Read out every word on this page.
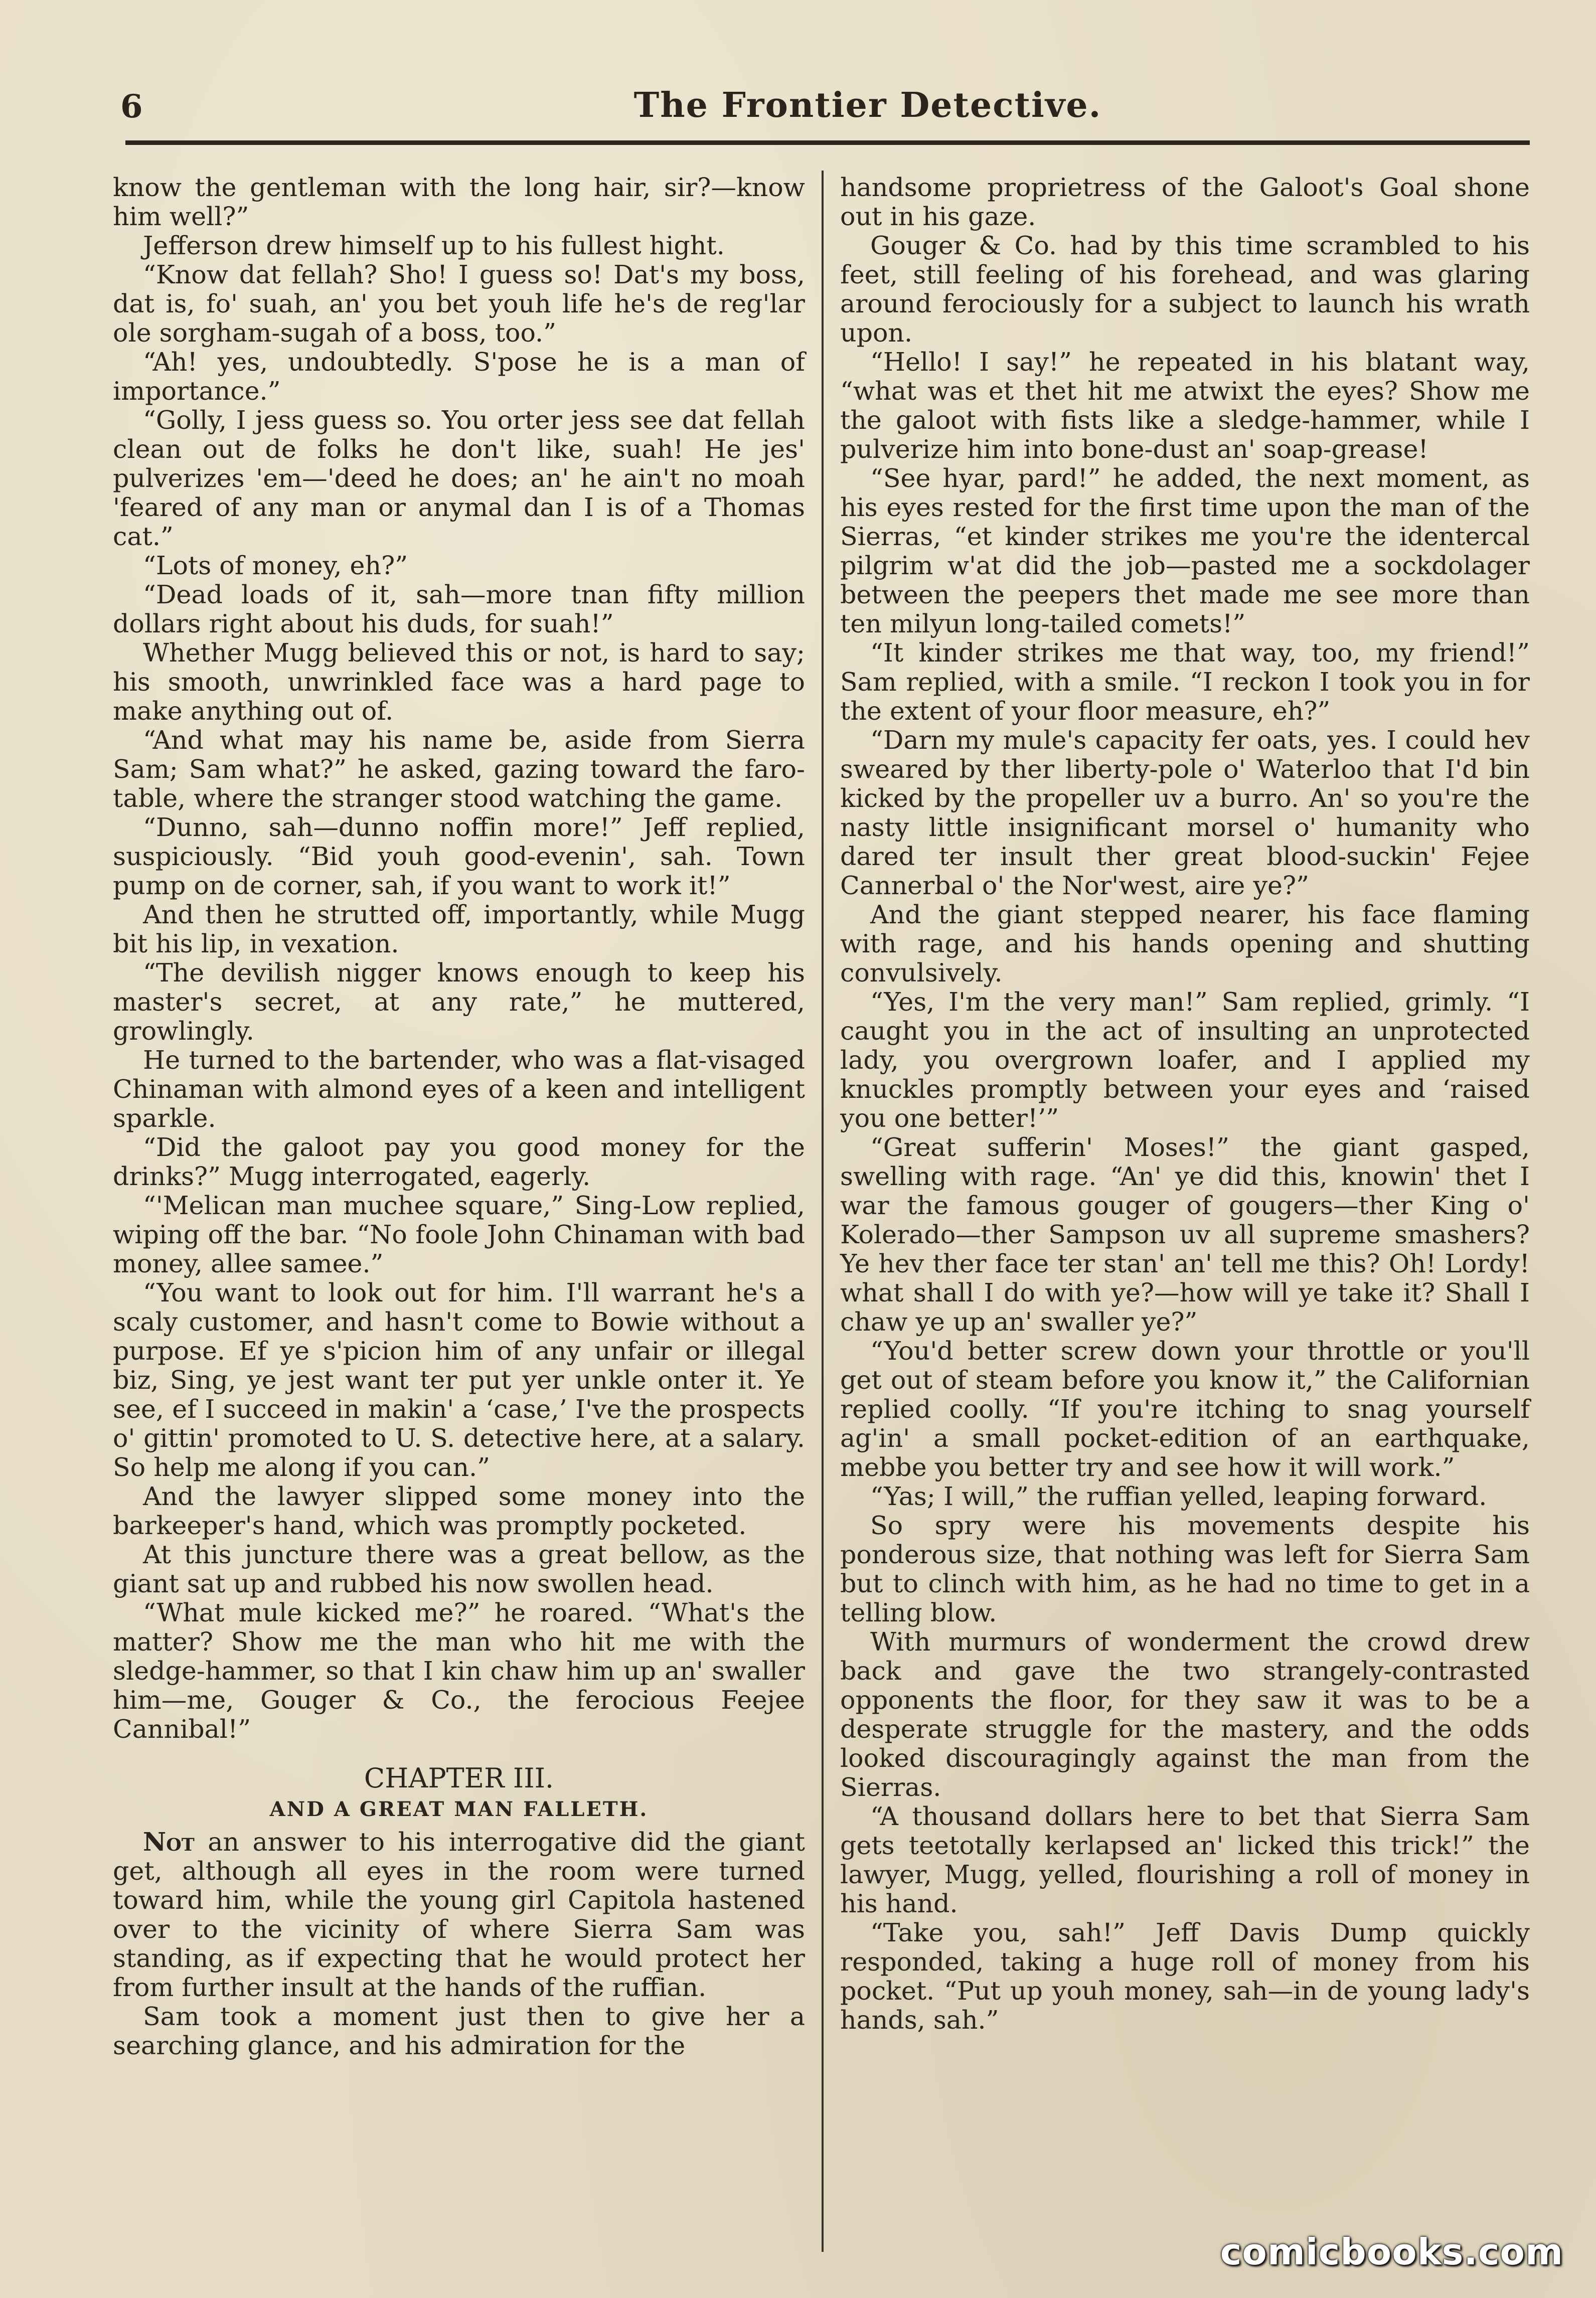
6	The Frontier Detective.

know the gentleman with the long hair, sir?—know him well?”

Jefferson drew himself up to his fullest hight.

“Know dat fellah? Sho! I guess so! Dat's my boss, dat is, fo' suah, an' you bet youh life he's de reg'lar ole sorgham-sugah of a boss, too.”

“Ah! yes, undoubtedly. S'pose he is a man of importance.”

“Golly, I jess guess so. You orter jess see dat fellah clean out de folks he don't like, suah! He jes' pulverizes 'em—'deed he does; an' he ain't no moah 'feared of any man or anymal dan I is of a Thomas cat.”

“Lots of money, eh?”

“Dead loads of it, sah—more tnan fifty million dollars right about his duds, for suah!”

Whether Mugg believed this or not, is hard to say; his smooth, unwrinkled face was a hard page to make anything out of.

“And what may his name be, aside from Sierra Sam; Sam what?” he asked, gazing toward the faro-table, where the stranger stood watching the game.

“Dunno, sah—dunno noffin more!” Jeff replied, suspiciously. “Bid youh good-evenin', sah. Town pump on de corner, sah, if you want to work it!”

And then he strutted off, importantly, while Mugg bit his lip, in vexation.

“The devilish nigger knows enough to keep his master's secret, at any rate,” he muttered, growlingly.

He turned to the bartender, who was a flat-visaged Chinaman with almond eyes of a keen and intelligent sparkle.

“Did the galoot pay you good money for the drinks?” Mugg interrogated, eagerly.

“'Melican man muchee square,” Sing-Low replied, wiping off the bar. “No foole John Chinaman with bad money, allee samee.”

“You want to look out for him. I'll warrant he's a scaly customer, and hasn't come to Bowie without a purpose. Ef ye s'picion him of any unfair or illegal biz, Sing, ye jest want ter put yer unkle onter it. Ye see, ef I succeed in makin' a ‘case,’ I've the prospects o' gittin' promoted to U. S. detective here, at a salary. So help me along if you can.”

And the lawyer slipped some money into the barkeeper's hand, which was promptly pocketed.

At this juncture there was a great bellow, as the giant sat up and rubbed his now swollen head.

“What mule kicked me?” he roared. “What's the matter? Show me the man who hit me with the sledge-hammer, so that I kin chaw him up an' swaller him—me, Gouger & Co., the ferocious Feejee Cannibal!”

CHAPTER III.
AND A GREAT MAN FALLETH.

Not an answer to his interrogative did the giant get, although all eyes in the room were turned toward him, while the young girl Capitola hastened over to the vicinity of where Sierra Sam was standing, as if expecting that he would protect her from further insult at the hands of the ruffian.

Sam took a moment just then to give her a searching glance, and his admiration for the

handsome proprietress of the Galoot's Goal shone out in his gaze.

Gouger & Co. had by this time scrambled to his feet, still feeling of his forehead, and was glaring around ferociously for a subject to launch his wrath upon.

“Hello! I say!” he repeated in his blatant way, “what was et thet hit me atwixt the eyes? Show me the galoot with fists like a sledge-hammer, while I pulverize him into bone-dust an' soap-grease!

“See hyar, pard!” he added, the next moment, as his eyes rested for the first time upon the man of the Sierras, “et kinder strikes me you're the identercal pilgrim w'at did the job—pasted me a sockdolager between the peepers thet made me see more than ten milyun long-tailed comets!”

“It kinder strikes me that way, too, my friend!” Sam replied, with a smile. “I reckon I took you in for the extent of your floor measure, eh?”

“Darn my mule's capacity fer oats, yes. I could hev sweared by ther liberty-pole o' Waterloo that I'd bin kicked by the propeller uv a burro. An' so you're the nasty little insignificant morsel o' humanity who dared ter insult ther great blood-suckin' Fejee Cannerbal o' the Nor'west, aire ye?”

And the giant stepped nearer, his face flaming with rage, and his hands opening and shutting convulsively.

“Yes, I'm the very man!” Sam replied, grimly. “I caught you in the act of insulting an unprotected lady, you overgrown loafer, and I applied my knuckles promptly between your eyes and ‘raised you one better!’”

“Great sufferin' Moses!” the giant gasped, swelling with rage. “An' ye did this, knowin' thet I war the famous gouger of gougers—ther King o' Kolerado—ther Sampson uv all supreme smashers? Ye hev ther face ter stan' an' tell me this? Oh! Lordy! what shall I do with ye?—how will ye take it? Shall I chaw ye up an' swaller ye?”

“You'd better screw down your throttle or you'll get out of steam before you know it,” the Californian replied coolly. “If you're itching to snag yourself ag'in' a small pocket-edition of an earthquake, mebbe you better try and see how it will work.”

“Yas; I will,” the ruffian yelled, leaping forward.

So spry were his movements despite his ponderous size, that nothing was left for Sierra Sam but to clinch with him, as he had no time to get in a telling blow.

With murmurs of wonderment the crowd drew back and gave the two strangely-contrasted opponents the floor, for they saw it was to be a desperate struggle for the mastery, and the odds looked discouragingly against the man from the Sierras.

“A thousand dollars here to bet that Sierra Sam gets teetotally kerlapsed an' licked this trick!” the lawyer, Mugg, yelled, flourishing a roll of money in his hand.

“Take you, sah!” Jeff Davis Dump quickly responded, taking a huge roll of money from his pocket. “Put up youh money, sah—in de young lady's hands, sah.”

comicbooks.com
